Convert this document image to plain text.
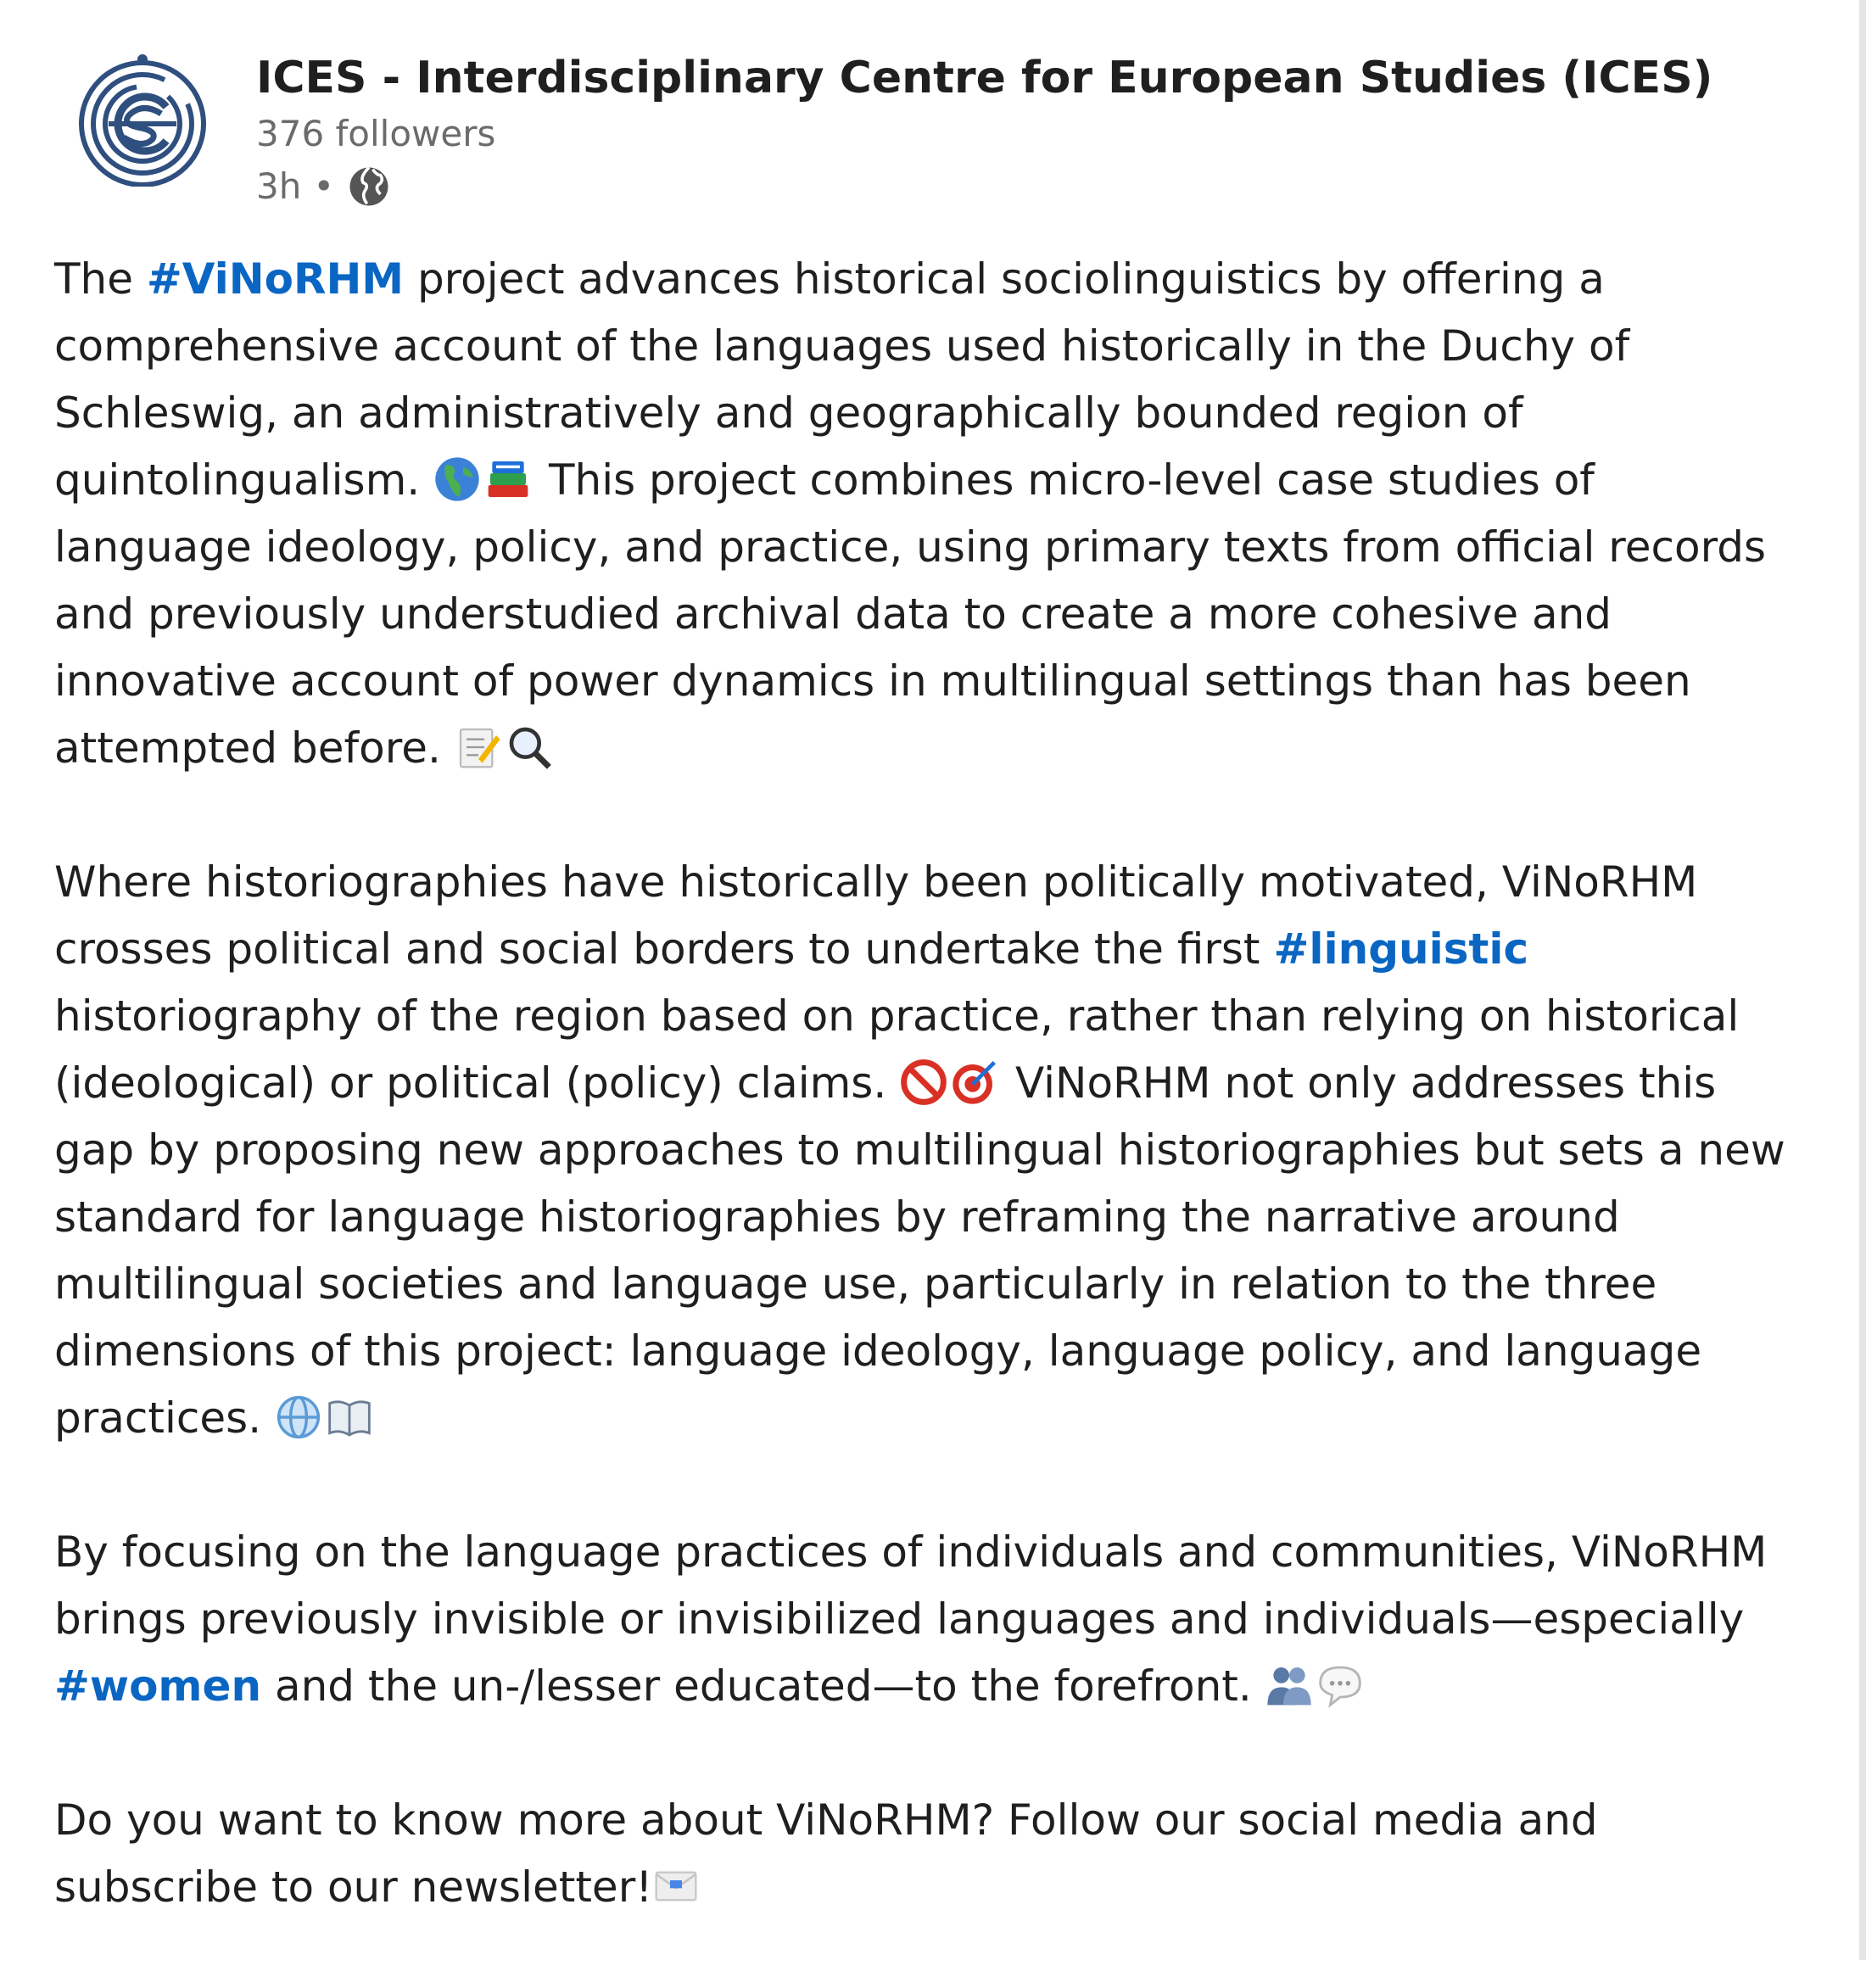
ICES - Interdisciplinary Centre for European Studies (ICES)
376 followers
3h •

The #ViNoRHM project advances historical sociolinguistics by offering a comprehensive account of the languages used historically in the Duchy of Schleswig, an administratively and geographically bounded region of quintolingualism.	This project combines micro-level case studies of language ideology, policy, and practice, using primary texts from official records and previously understudied archival data to create a more cohesive and innovative account of power dynamics in multilingual settings than has been attempted before.

Where historiographies have historically been politically motivated, ViNoRHM crosses political and social borders to undertake the first #linguistic historiography of the region based on practice, rather than relying on historical (ideological) or political (policy) claims.	ViNoRHM not only addresses this gap by proposing new approaches to multilingual historiographies but sets a new standard for language historiographies by reframing the narrative around multilingual societies and language use, particularly in relation to the three dimensions of this project: language ideology, language policy, and language practices.

By focusing on the language practices of individuals and communities, ViNoRHM brings previously invisible or invisibilized languages and individuals—especially #women and the un-/lesser educated—to the forefront.

Do you want to know more about ViNoRHM? Follow our social media and subscribe to our newsletter!
